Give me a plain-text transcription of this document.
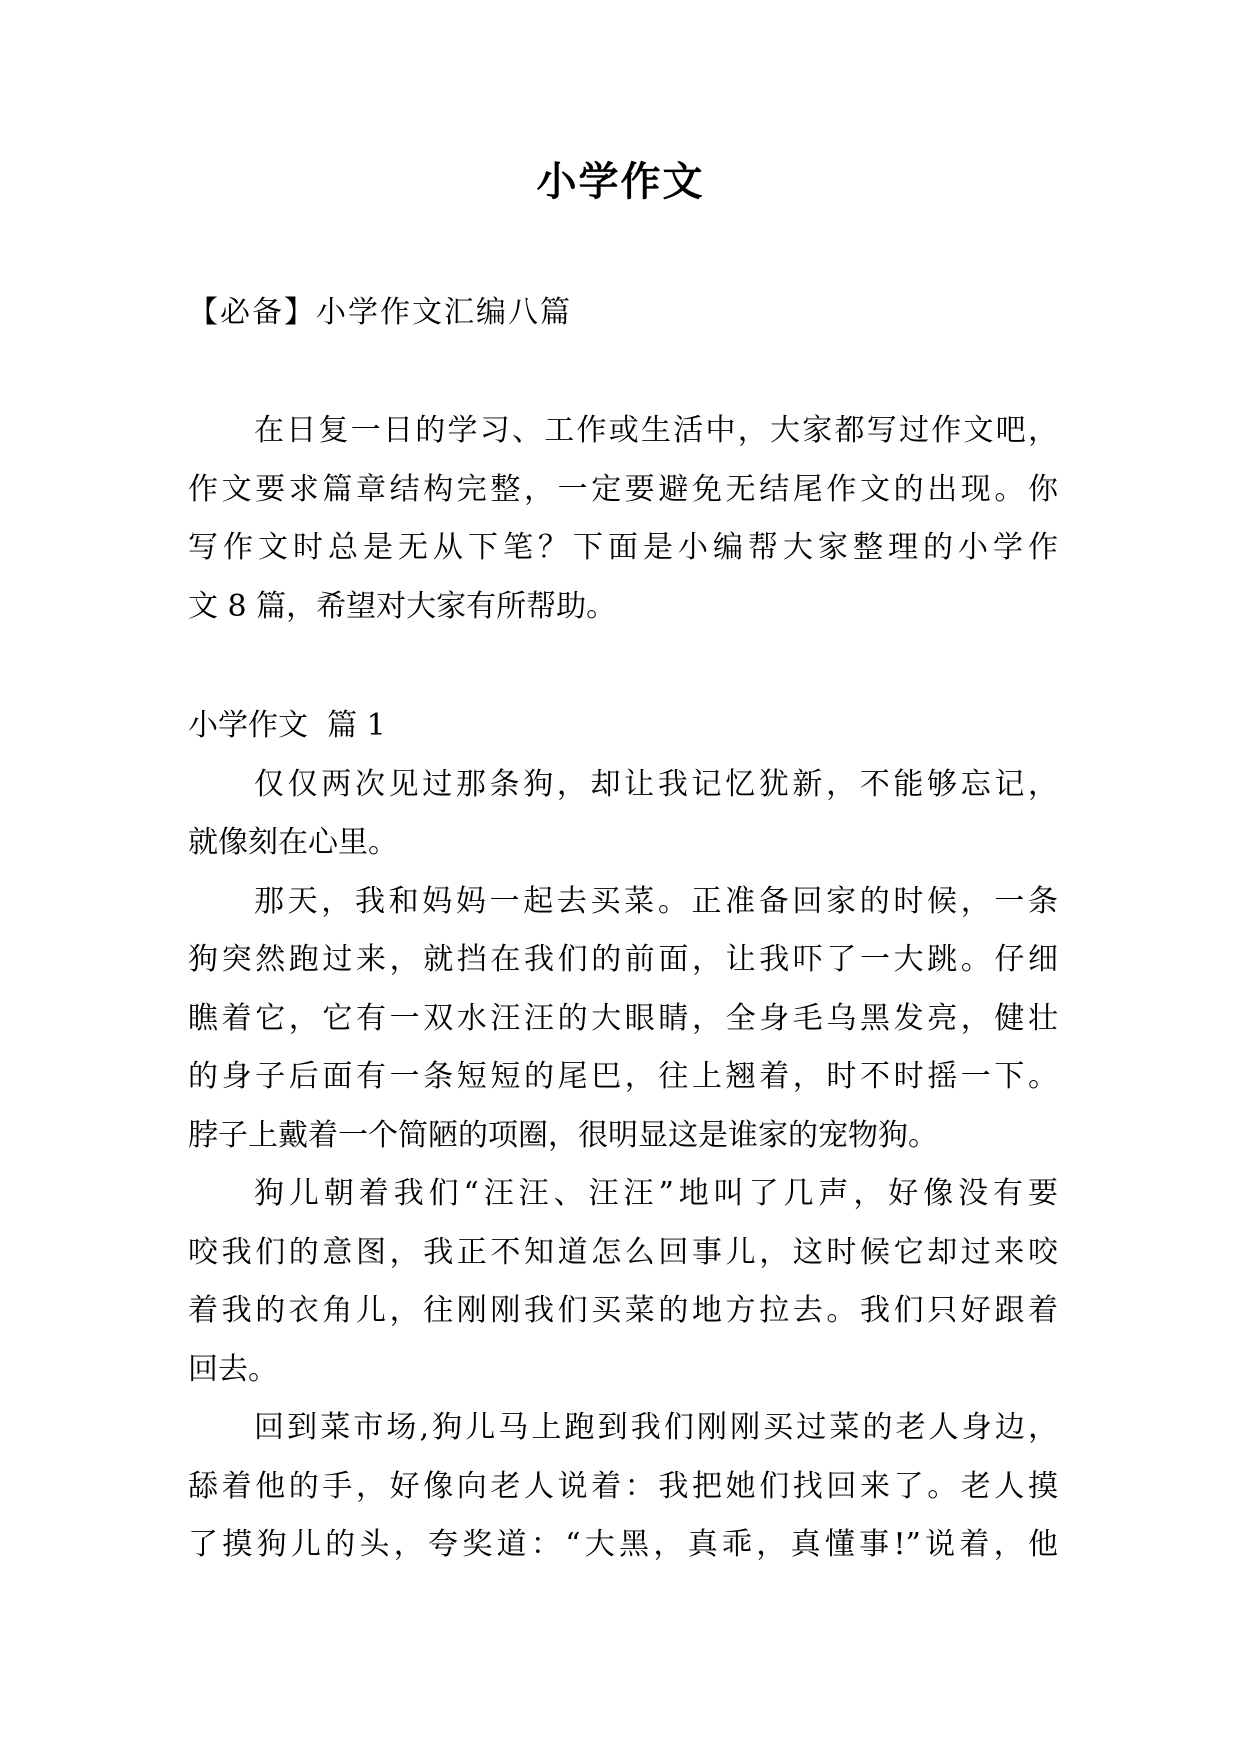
小学作文
【必备】小学作文汇编八篇
在日复一日的学习、工作或生活中，大家都写过作文吧，
作文要求篇章结构完整，一定要避免无结尾作文的出现。你
写作文时总是无从下笔？下面是小编帮大家整理的小学作
文 8 篇，希望对大家有所帮助。
小学作文  篇 1
仅仅两次见过那条狗，却让我记忆犹新，不能够忘记，
就像刻在心里。
那天，我和妈妈一起去买菜。正准备回家的时候，一条
狗突然跑过来，就挡在我们的前面，让我吓了一大跳。仔细
瞧着它，它有一双水汪汪的大眼睛，全身毛乌黑发亮，健壮
的身子后面有一条短短的尾巴，往上翘着，时不时摇一下。
脖子上戴着一个简陋的项圈，很明显这是谁家的宠物狗。
狗儿朝着我们“汪汪、汪汪”地叫了几声，好像没有要
咬我们的意图，我正不知道怎么回事儿，这时候它却过来咬
着我的衣角儿，往刚刚我们买菜的地方拉去。我们只好跟着
回去。
回到菜市场,狗儿马上跑到我们刚刚买过菜的老人身边，
舔着他的手，好像向老人说着：我把她们找回来了。老人摸
了摸狗儿的头，夸奖道：“大黑，真乖，真懂事!”说着，他
